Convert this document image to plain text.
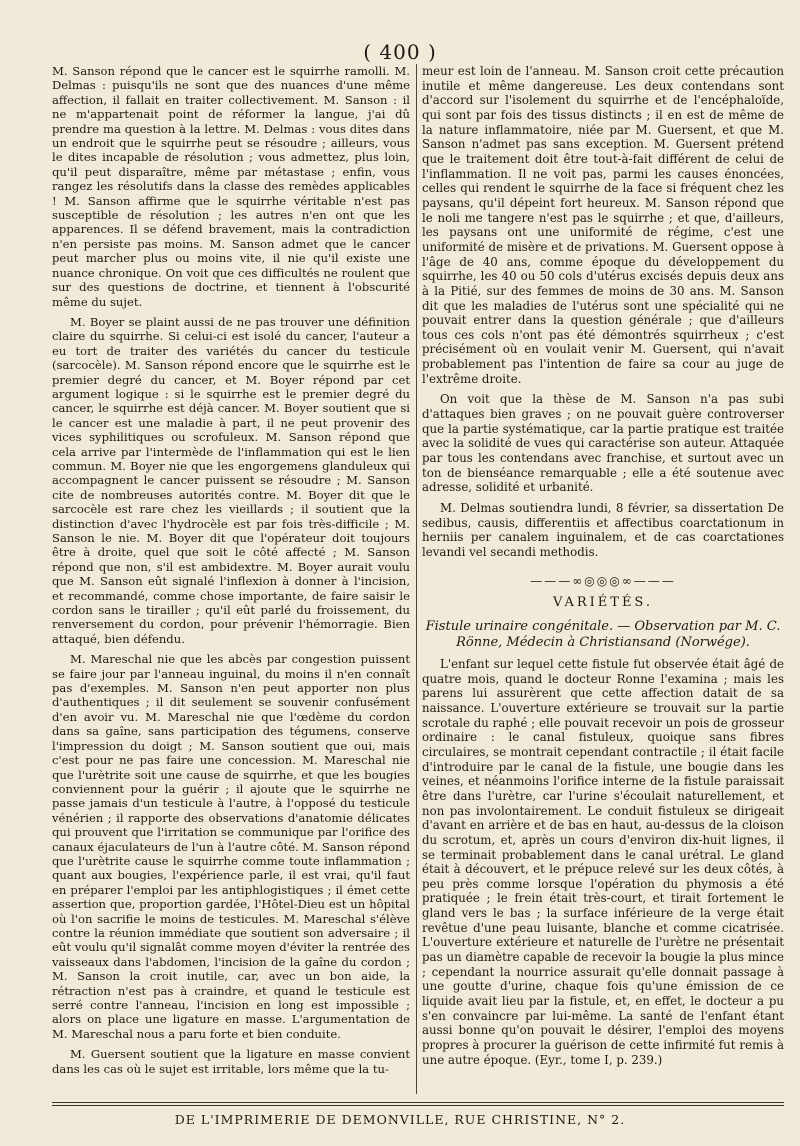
( 400 )

M. Sanson répond que le cancer est le squirrhe ramolli. M. Delmas : puisqu'ils ne sont que des nuances d'une même affection, il fallait en traiter collectivement. M. Sanson : il ne m'appartenait point de réformer la langue, j'ai dû prendre ma question à la lettre. M. Delmas : vous dites dans un endroit que le squirrhe peut se résoudre ; ailleurs, vous le dites incapable de résolution ; vous admettez, plus loin, qu'il peut disparaître, même par métastase ; enfin, vous rangez les résolutifs dans la classe des remèdes applicables ! M. Sanson affirme que le squirrhe véritable n'est pas susceptible de résolution ; les autres n'en ont que les apparences. Il se défend bravement, mais la contradiction n'en persiste pas moins. M. Sanson admet que le cancer peut marcher plus ou moins vite, il nie qu'il existe une nuance chronique. On voit que ces difficultés ne roulent que sur des questions de doctrine, et tiennent à l'obscurité même du sujet.

M. Boyer se plaint aussi de ne pas trouver une définition claire du squirrhe. Si celui-ci est isolé du cancer, l'auteur a eu tort de traiter des variétés du cancer du testicule (sarcocèle). M. Sanson répond encore que le squirrhe est le premier degré du cancer, et M. Boyer répond par cet argument logique : si le squirrhe est le premier degré du cancer, le squirrhe est déjà cancer. M. Boyer soutient que si le cancer est une maladie à part, il ne peut provenir des vices syphilitiques ou scrofuleux. M. Sanson répond que cela arrive par l'intermède de l'inflammation qui est le lien commun. M. Boyer nie que les engorgemens glanduleux qui accompagnent le cancer puissent se résoudre ; M. Sanson cite de nombreuses autorités contre. M. Boyer dit que le sarcocèle est rare chez les vieillards ; il soutient que la distinction d'avec l'hydrocèle est par fois très-difficile ; M. Sanson le nie. M. Boyer dit que l'opérateur doit toujours être à droite, quel que soit le côté affecté ; M. Sanson répond que non, s'il est ambidextre. M. Boyer aurait voulu que M. Sanson eût signalé l'inflexion à donner à l'incision, et recommandé, comme chose importante, de faire saisir le cordon sans le tirailler ; qu'il eût parlé du froissement, du renversement du cordon, pour prévenir l'hémorragie. Bien attaqué, bien défendu.

M. Mareschal nie que les abcès par congestion puissent se faire jour par l'anneau inguinal, du moins il n'en connaît pas d'exemples. M. Sanson n'en peut apporter non plus d'authentiques ; il dit seulement se souvenir confusément d'en avoir vu. M. Mareschal nie que l'œdème du cordon dans sa gaîne, sans participation des tégumens, conserve l'impression du doigt ; M. Sanson soutient que oui, mais c'est pour ne pas faire une concession. M. Mareschal nie que l'urètrite soit une cause de squirrhe, et que les bougies conviennent pour la guérir ; il ajoute que le squirrhe ne passe jamais d'un testicule à l'autre, à l'opposé du testicule vénérien ; il rapporte des observations d'anatomie délicates qui prouvent que l'irritation se communique par l'orifice des canaux éjaculateurs de l'un à l'autre côté. M. Sanson répond que l'urètrite cause le squirrhe comme toute inflammation ; quant aux bougies, l'expérience parle, il est vrai, qu'il faut en préparer l'emploi par les antiphlogistiques ; il émet cette assertion que, proportion gardée, l'Hôtel-Dieu est un hôpital où l'on sacrifie le moins de testicules. M. Mareschal s'élève contre la réunion immédiate que soutient son adversaire ; il eût voulu qu'il signalât comme moyen d'éviter la rentrée des vaisseaux dans l'abdomen, l'incision de la gaîne du cordon ; M. Sanson la croit inutile, car, avec un bon aide, la rétraction n'est pas à craindre, et quand le testicule est serré contre l'anneau, l'incision en long est impossible ; alors on place une ligature en masse. L'argumentation de M. Mareschal nous a paru forte et bien conduite.

M. Guersent soutient que la ligature en masse convient dans les cas où le sujet est irritable, lors même que la tu-

meur est loin de l'anneau. M. Sanson croit cette précaution inutile et même dangereuse. Les deux contendans sont d'accord sur l'isolement du squirrhe et de l'encéphaloïde, qui sont par fois des tissus distincts ; il en est de même de la nature inflammatoire, niée par M. Guersent, et que M. Sanson n'admet pas sans exception. M. Guersent prétend que le traitement doit être tout-à-fait différent de celui de l'inflammation. Il ne voit pas, parmi les causes énoncées, celles qui rendent le squirrhe de la face si fréquent chez les paysans, qu'il dépeint fort heureux. M. Sanson répond que le noli me tangere n'est pas le squirrhe ; et que, d'ailleurs, les paysans ont une uniformité de régime, c'est une uniformité de misère et de privations. M. Guersent oppose à l'âge de 40 ans, comme époque du développement du squirrhe, les 40 ou 50 cols d'utérus excisés depuis deux ans à la Pitié, sur des femmes de moins de 30 ans. M. Sanson dit que les maladies de l'utérus sont une spécialité qui ne pouvait entrer dans la question générale ; que d'ailleurs tous ces cols n'ont pas été démontrés squirrheux ; c'est précisément où en voulait venir M. Guersent, qui n'avait probablement pas l'intention de faire sa cour au juge de l'extrême droite.

On voit que la thèse de M. Sanson n'a pas subi d'attaques bien graves ; on ne pouvait guère controverser que la partie systématique, car la partie pratique est traitée avec la solidité de vues qui caractérise son auteur. Attaquée par tous les contendans avec franchise, et surtout avec un ton de bienséance remarquable ; elle a été soutenue avec adresse, solidité et urbanité.

M. Delmas soutiendra lundi, 8 février, sa dissertation De sedibus, causis, differentiis et affectibus coarctationum in herniis per canalem inguinalem, et de cas coarctationes levandi vel secandi methodis.

———∞◎◎◎∞———
VARIÉTÉS.
Fistule urinaire congénitale. — Observation par M. C. Rönne, Médecin à Christiansand (Norwége).

L'enfant sur lequel cette fistule fut observée était âgé de quatre mois, quand le docteur Ronne l'examina ; mais les parens lui assurèrent que cette affection datait de sa naissance. L'ouverture extérieure se trouvait sur la partie scrotale du raphé ; elle pouvait recevoir un pois de grosseur ordinaire : le canal fistuleux, quoique sans fibres circulaires, se montrait cependant contractile ; il était facile d'introduire par le canal de la fistule, une bougie dans les veines, et néanmoins l'orifice interne de la fistule paraissait être dans l'urètre, car l'urine s'écoulait naturellement, et non pas involontairement. Le conduit fistuleux se dirigeait d'avant en arrière et de bas en haut, au-dessus de la cloison du scrotum, et, après un cours d'environ dix-huit lignes, il se terminait probablement dans le canal urétral. Le gland était à découvert, et le prépuce relevé sur les deux côtés, à peu près comme lorsque l'opération du phymosis a été pratiquée ; le frein était très-court, et tirait fortement le gland vers le bas ; la surface inférieure de la verge était revêtue d'une peau luisante, blanche et comme cicatrisée. L'ouverture extérieure et naturelle de l'urètre ne présentait pas un diamètre capable de recevoir la bougie la plus mince ; cependant la nourrice assurait qu'elle donnait passage à une goutte d'urine, chaque fois qu'une émission de ce liquide avait lieu par la fistule, et, en effet, le docteur a pu s'en convaincre par lui-même. La santé de l'enfant étant aussi bonne qu'on pouvait le désirer, l'emploi des moyens propres à procurer la guérison de cette infirmité fut remis à une autre époque. (Eyr., tome I, p. 239.)

DE L'IMPRIMERIE DE DEMONVILLE, RUE CHRISTINE, N° 2.
